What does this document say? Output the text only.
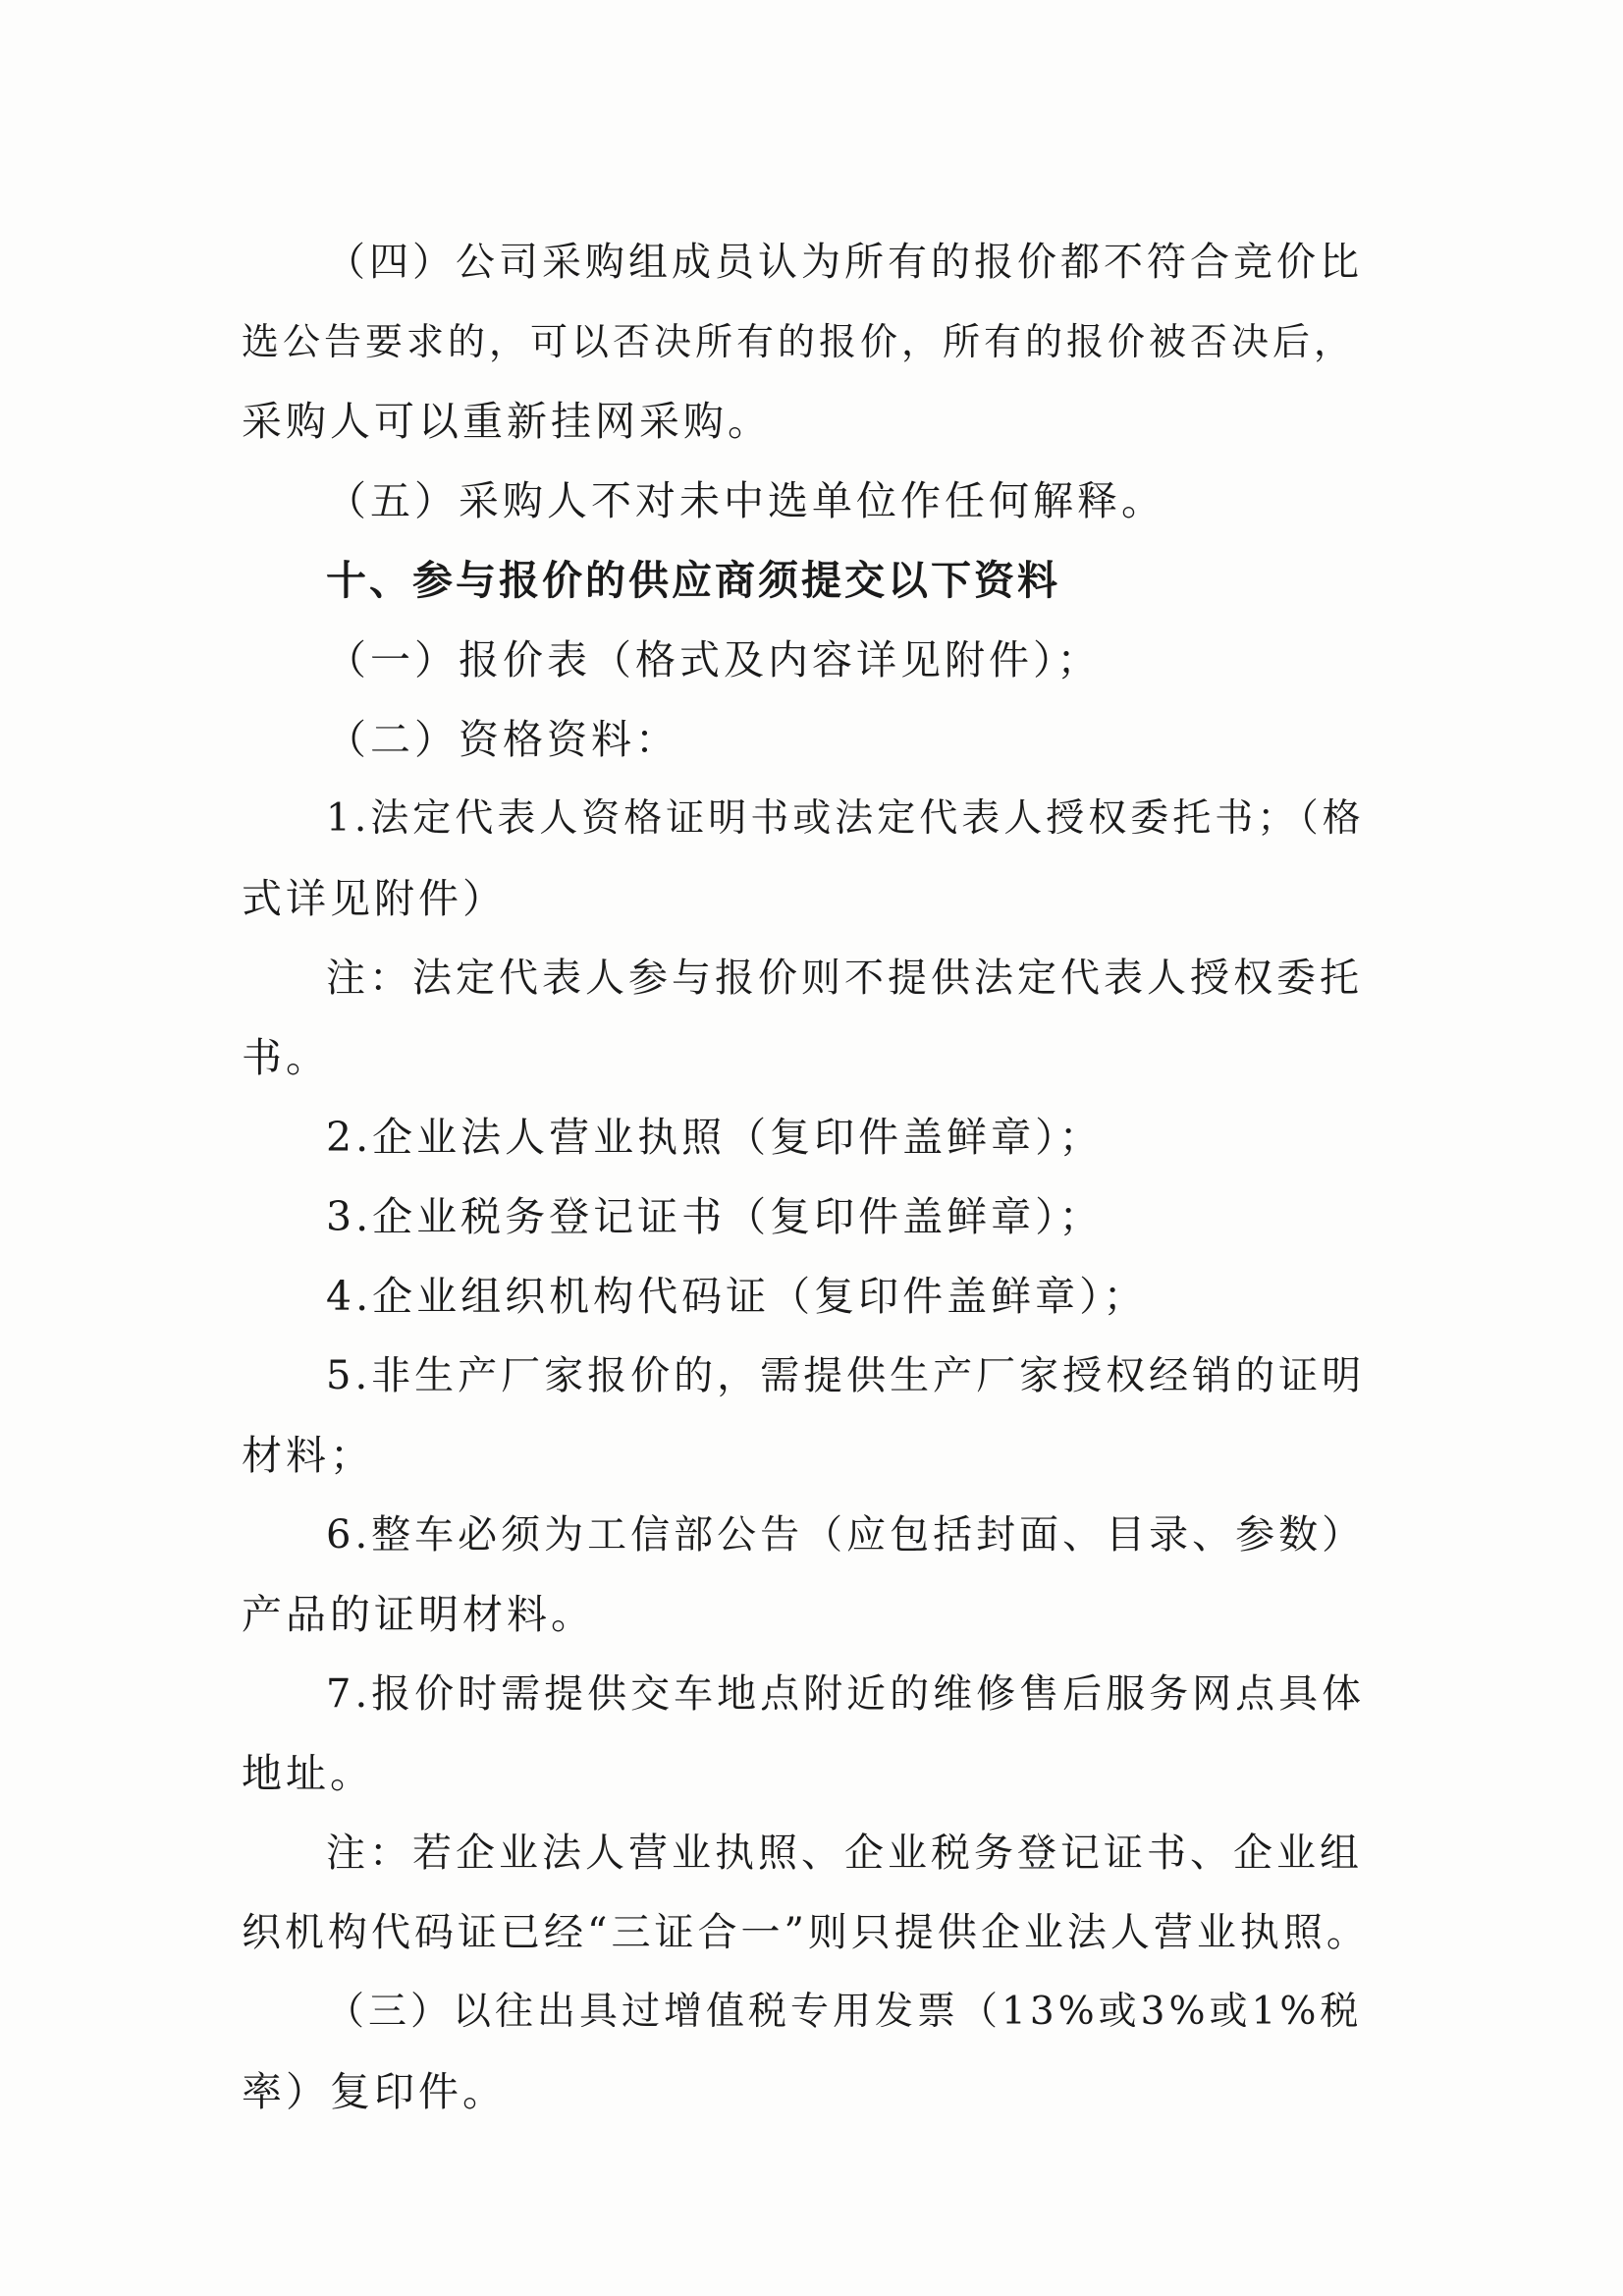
（四）公司采购组成员认为所有的报价都不符合竞价比

选公告要求的，可以否决所有的报价，所有的报价被否决后，

采购人可以重新挂网采购。

（五）采购人不对未中选单位作任何解释。

十、参与报价的供应商须提交以下资料

（一）报价表（格式及内容详见附件）；

（二）资格资料：

1.法定代表人资格证明书或法定代表人授权委托书；（格

式详见附件）

注：法定代表人参与报价则不提供法定代表人授权委托

书。

2.企业法人营业执照（复印件盖鲜章）；

3.企业税务登记证书（复印件盖鲜章）；

4.企业组织机构代码证（复印件盖鲜章）；

5.非生产厂家报价的，需提供生产厂家授权经销的证明

材料；

6.整车必须为工信部公告（应包括封面、目录、参数）

产品的证明材料。

7.报价时需提供交车地点附近的维修售后服务网点具体

地址。

注：若企业法人营业执照、企业税务登记证书、企业组

织机构代码证已经“三证合一”则只提供企业法人营业执照。

（三）以往出具过增值税专用发票（13%或3%或1%税

率）复印件。
